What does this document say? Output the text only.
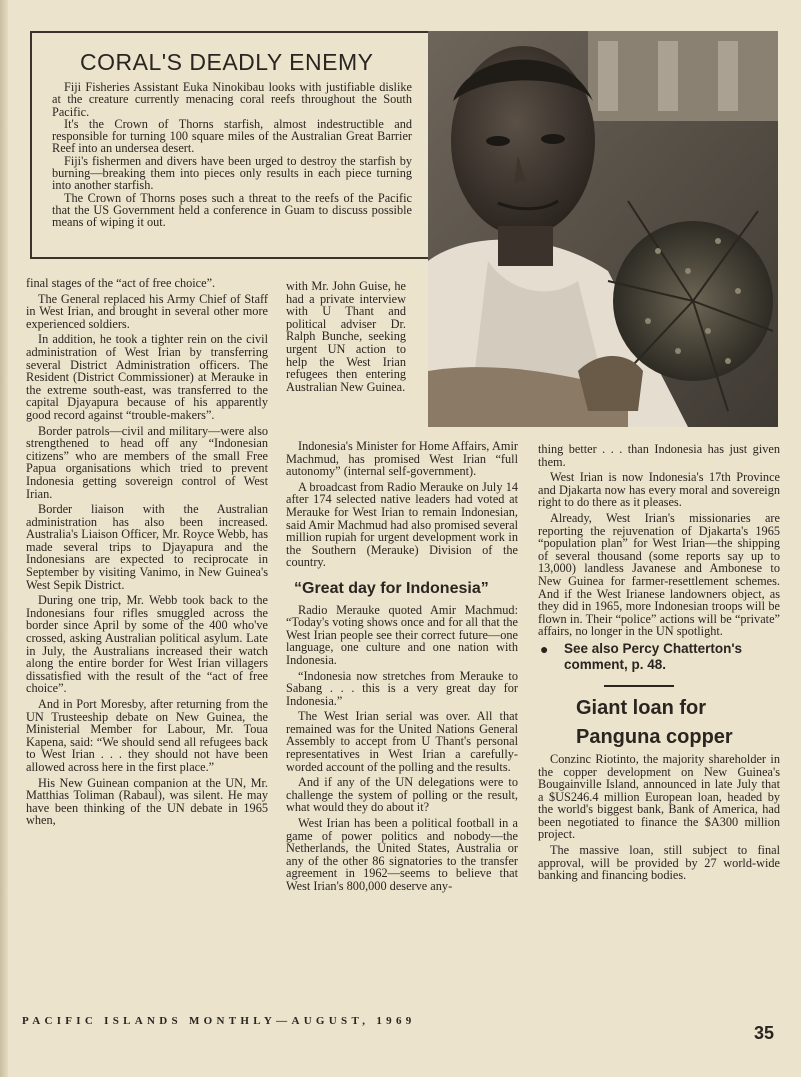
CORAL'S DEADLY ENEMY

Fiji Fisheries Assistant Euka Ninokibau looks with justifiable dislike at the creature currently menacing coral reefs throughout the South Pacific.

It's the Crown of Thorns starfish, almost indestructible and responsible for turning 100 square miles of the Australian Great Barrier Reef into an undersea desert.

Fiji's fishermen and divers have been urged to destroy the starfish by burning—breaking them into pieces only results in each piece turning into another starfish.

The Crown of Thorns poses such a threat to the reefs of the Pacific that the US Government held a conference in Guam to discuss possible means of wiping it out.

final stages of the “act of free choice”.

The General replaced his Army Chief of Staff in West Irian, and brought in several other more experienced soldiers.

In addition, he took a tighter rein on the civil administration of West Irian by transferring several District Administration officers. The Resident (District Commissioner) at Merauke in the extreme south-east, was transferred to the capital Djayapura because of his apparently good record against “trouble-makers”.

Border patrols—civil and military—were also strengthened to head off any “Indonesian citizens” who are members of the small Free Papua organisations which tried to prevent Indonesia getting sovereign control of West Irian.

Border liaison with the Australian administration has also been increased. Australia's Liaison Officer, Mr. Royce Webb, has made several trips to Djayapura and the Indonesians are expected to reciprocate in September by visiting Vanimo, in New Guinea's West Sepik District.

During one trip, Mr. Webb took back to the Indonesians four rifles smuggled across the border since April by some of the 400 who've crossed, asking Australian political asylum. Late in July, the Australians increased their watch along the entire border for West Irian villagers dissatisfied with the result of the “act of free choice”.

And in Port Moresby, after returning from the UN Trusteeship debate on New Guinea, the Ministerial Member for Labour, Mr. Toua Kapena, said: “We should send all refugees back to West Irian . . . they should not have been allowed across here in the first place.”

His New Guinean companion at the UN, Mr. Matthias Toliman (Rabaul), was silent. He may have been thinking of the UN debate in 1965 when,

with Mr. John Guise, he had a private interview with U Thant and political adviser Dr. Ralph Bunche, seeking urgent UN action to help the West Irian refugees then entering Australian New Guinea.

Indonesia's Minister for Home Affairs, Amir Machmud, has promised West Irian “full autonomy” (internal self-government).

A broadcast from Radio Merauke on July 14 after 174 selected native leaders had voted at Merauke for West Irian to remain Indonesian, said Amir Machmud had also promised several million rupiah for urgent development work in the Southern (Merauke) Division of the country.

“Great day for Indonesia”

Radio Merauke quoted Amir Machmud: “Today's voting shows once and for all that the West Irian people see their correct future—one language, one culture and one nation with Indonesia.

“Indonesia now stretches from Merauke to Sabang . . . this is a very great day for Indonesia.”

The West Irian serial was over. All that remained was for the United Nations General Assembly to accept from U Thant's personal representatives in West Irian a carefully-worded account of the polling and the results.

And if any of the UN delegations were to challenge the system of polling or the result, what would they do about it?

West Irian has been a political football in a game of power politics and nobody—the Netherlands, the United States, Australia or any of the other 86 signatories to the transfer agreement in 1962—seems to believe that West Irian's 800,000 deserve any-

thing better . . . than Indonesia has just given them.

West Irian is now Indonesia's 17th Province and Djakarta now has every moral and sovereign right to do there as it pleases.

Already, West Irian's missionaries are reporting the rejuvenation of Djakarta's 1965 “population plan” for West Irian—the shipping of several thousand (some reports say up to 13,000) landless Javanese and Ambonese to New Guinea for farmer-resettlement schemes. And if the West Irianese landowners object, as they did in 1965, more Indonesian troops will be flown in. Their “police” actions will be “private” affairs, no longer in the UN spotlight.

● See also Percy Chatterton's comment, p. 48.

Giant loan for

Panguna copper

Conzinc Riotinto, the majority shareholder in the copper development on New Guinea's Bougainville Island, announced in late July that a $US246.4 million European loan, headed by the world's biggest bank, Bank of America, had been negotiated to finance the $A300 million project.

The massive loan, still subject to final approval, will be provided by 27 world-wide banking and financing bodies.

PACIFIC ISLANDS MONTHLY—AUGUST, 1969
35
